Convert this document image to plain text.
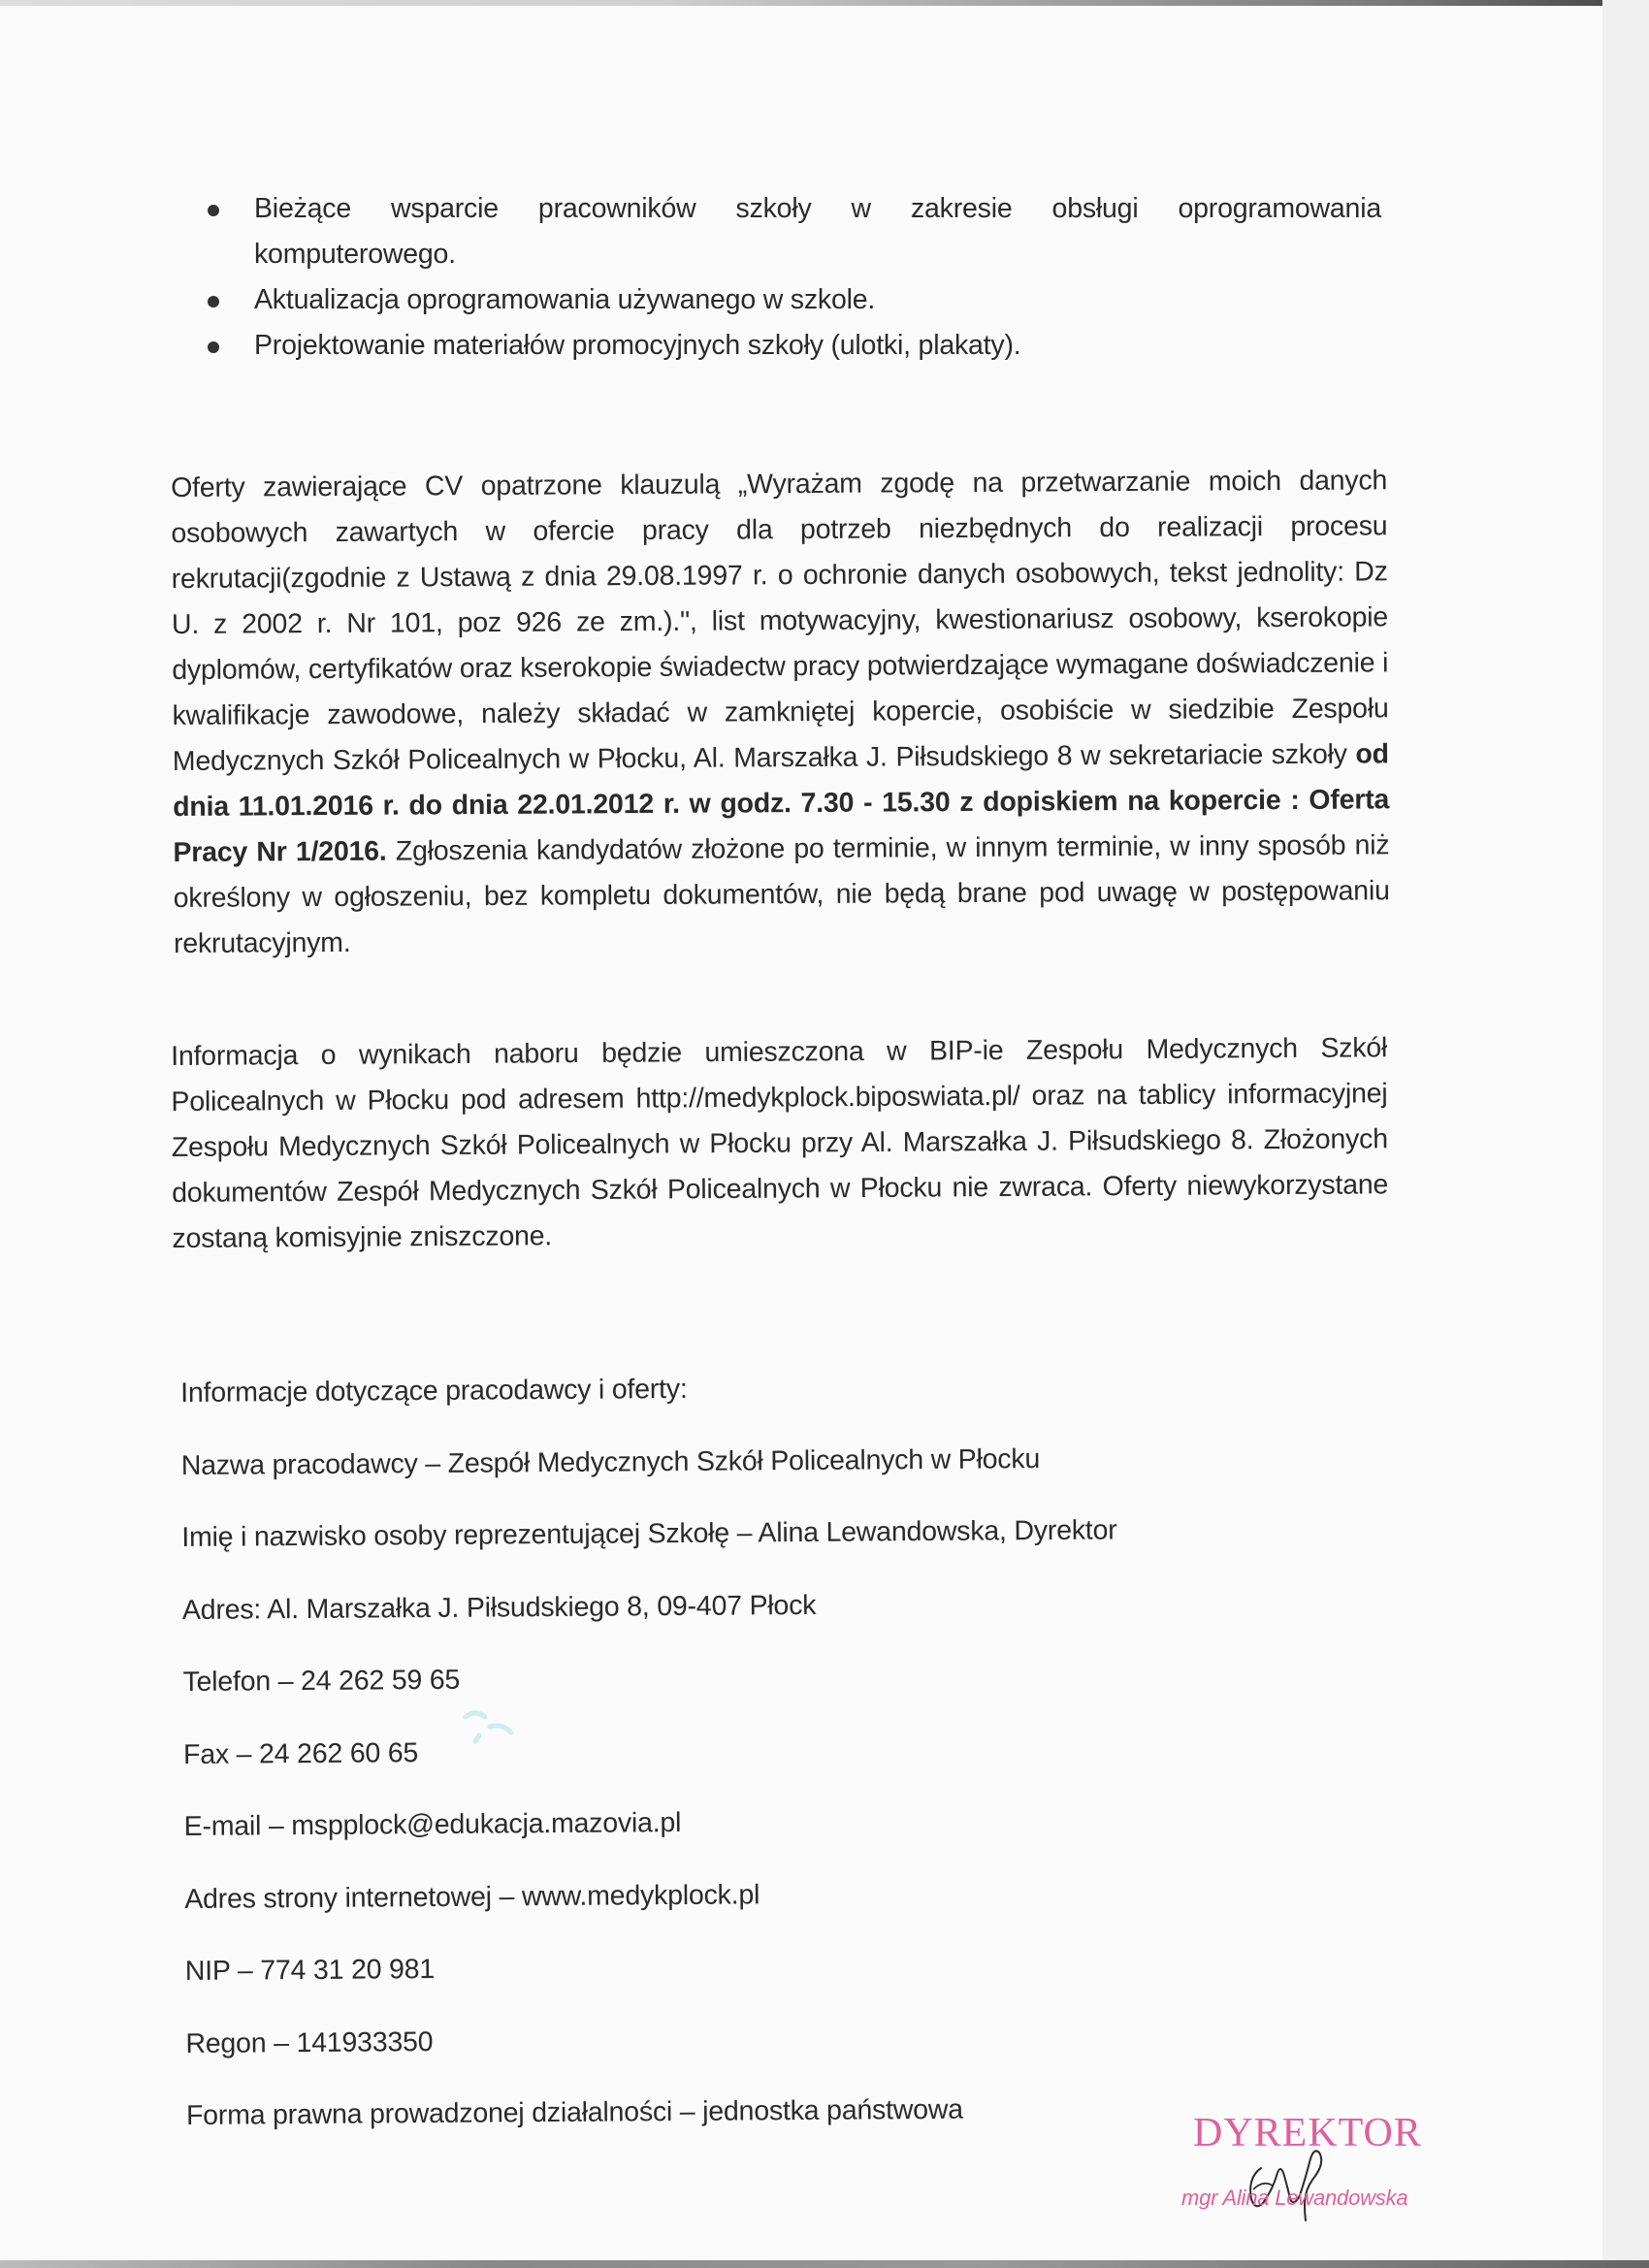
Bieżące wsparcie pracowników szkoły w zakresie obsługi oprogramowania
komputerowego.
Aktualizacja oprogramowania używanego w szkole.
Projektowanie materiałów promocyjnych szkoły (ulotki, plakaty).

Oferty zawierające CV opatrzone klauzulą „Wyrażam zgodę na przetwarzanie moich danych osobowych zawartych w ofercie pracy dla potrzeb niezbędnych do realizacji procesu rekrutacji(zgodnie z Ustawą z dnia 29.08.1997 r. o ochronie danych osobowych, tekst jednolity: Dz U. z 2002 r. Nr 101, poz 926 ze zm.).", list motywacyjny, kwestionariusz osobowy, kserokopie dyplomów, certyfikatów oraz kserokopie świadectw pracy potwierdzające wymagane doświadczenie i kwalifikacje zawodowe, należy składać w zamkniętej kopercie, osobiście w siedzibie Zespołu Medycznych Szkół Policealnych w Płocku, Al. Marszałka J. Piłsudskiego 8 w sekretariacie szkoły od dnia 11.01.2016 r. do dnia 22.01.2012 r. w godz. 7.30 - 15.30 z dopiskiem na kopercie : Oferta Pracy Nr 1/2016. Zgłoszenia kandydatów złożone po terminie, w innym terminie, w inny sposób niż określony w ogłoszeniu, bez kompletu dokumentów, nie będą brane pod uwagę w postępowaniu rekrutacyjnym.

Informacja o wynikach naboru będzie umieszczona w BIP-ie Zespołu Medycznych Szkół Policealnych w Płocku pod adresem http://medykplock.biposwiata.pl/ oraz na tablicy informacyjnej Zespołu Medycznych Szkół Policealnych w Płocku przy Al. Marszałka J. Piłsudskiego 8. Złożonych dokumentów Zespół Medycznych Szkół Policealnych w Płocku nie zwraca. Oferty niewykorzystane zostaną komisyjnie zniszczone.

Informacje dotyczące pracodawcy i oferty:
Nazwa pracodawcy – Zespół Medycznych Szkół Policealnych w Płocku
Imię i nazwisko osoby reprezentującej Szkołę – Alina Lewandowska, Dyrektor
Adres: Al. Marszałka J. Piłsudskiego 8, 09-407 Płock
Telefon – 24 262 59 65
Fax – 24 262 60 65
E-mail – mspplock@edukacja.mazovia.pl
Adres strony internetowej – www.medykplock.pl
NIP – 774 31 20 981
Regon – 141933350
Forma prawna prowadzonej działalności – jednostka państwowa	DYREKTOR
mgr Alina Lewandowska
